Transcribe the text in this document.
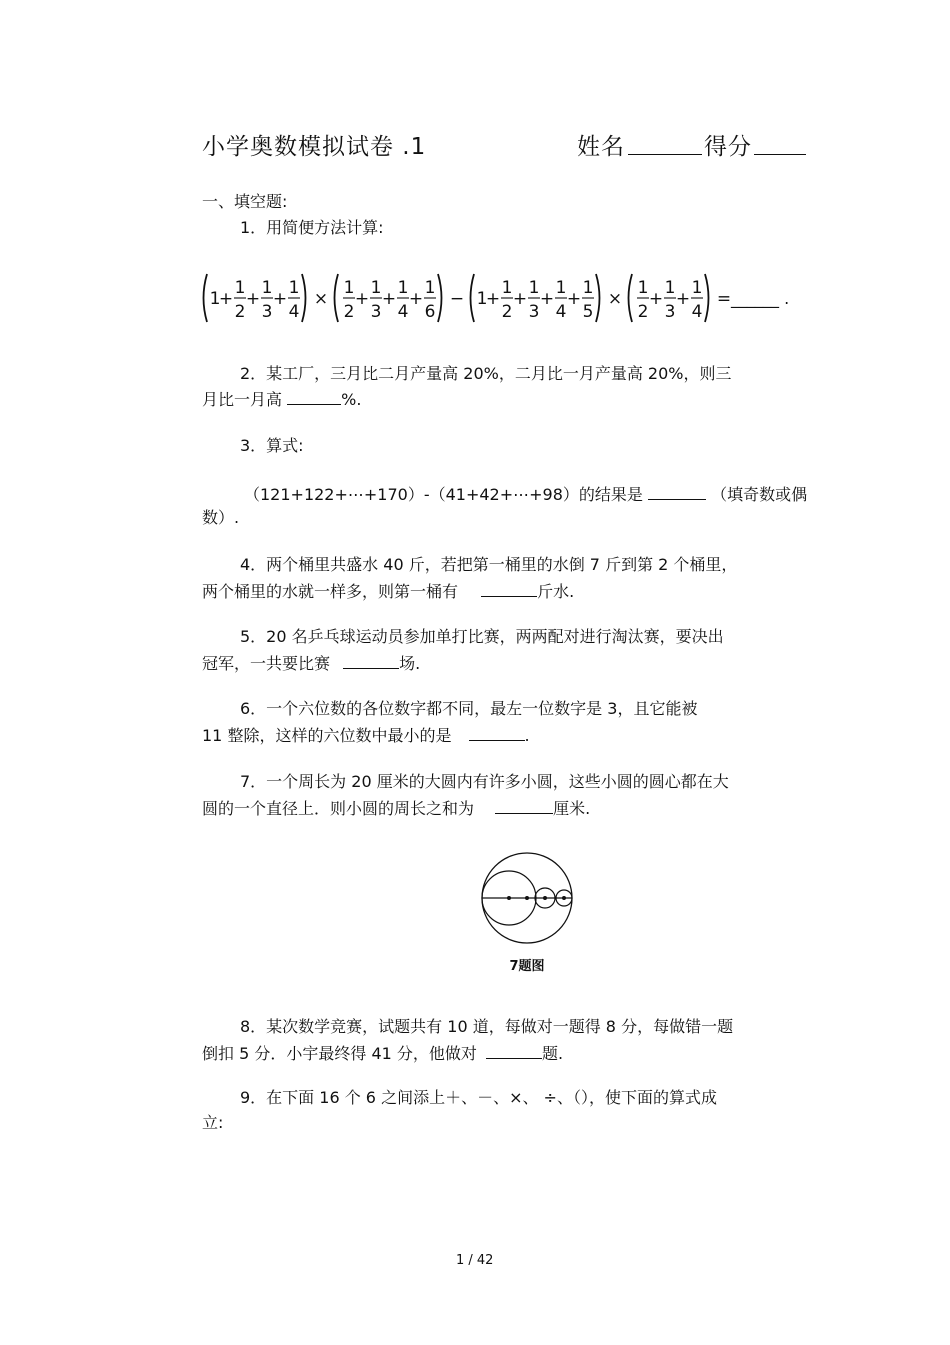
小学奥数模拟试卷 .1	姓名	得分
一、填空题:
1．用简便方法计算:
1
+
1
2
+
1
3
+
1
4
×
1
2
+
1
3
+
1
4
+
1
6
− 1
+
1
2
+
1
3
+
1
4
+
1
5
×
1
2
+
1
3
+
1
4
= ______ .
2．某工厂，三月比二月产量高 20%，二月比一月产量高 20%，则三
月比一月高	%.
3．算式:
（121+122+⋯+170）-（41+42+⋯+98）的结果是	（填奇数或偶
数）.
4．两个桶里共盛水 40 斤，若把第一桶里的水倒 7 斤到第 2 个桶里，
两个桶里的水就一样多，则第一桶有	斤水.
5．20 名乒乓球运动员参加单打比赛，两两配对进行淘汰赛，要决出
冠军，一共要比赛	场.
6．一个六位数的各位数字都不同，最左一位数字是 3，且它能被
11 整除，这样的六位数中最小的是	.
7．一个周长为 20 厘米的大圆内有许多小圆，这些小圆的圆心都在大
圆的一个直径上．则小圆的周长之和为	厘米.
7题图
8．某次数学竞赛，试题共有 10 道，每做对一题得 8 分，每做错一题
倒扣 5 分．小宇最终得 41 分，他做对	题.
9．在下面 16 个 6 之间添上＋、－、×、 ÷、（），使下面的算式成
立:
1 / 42
